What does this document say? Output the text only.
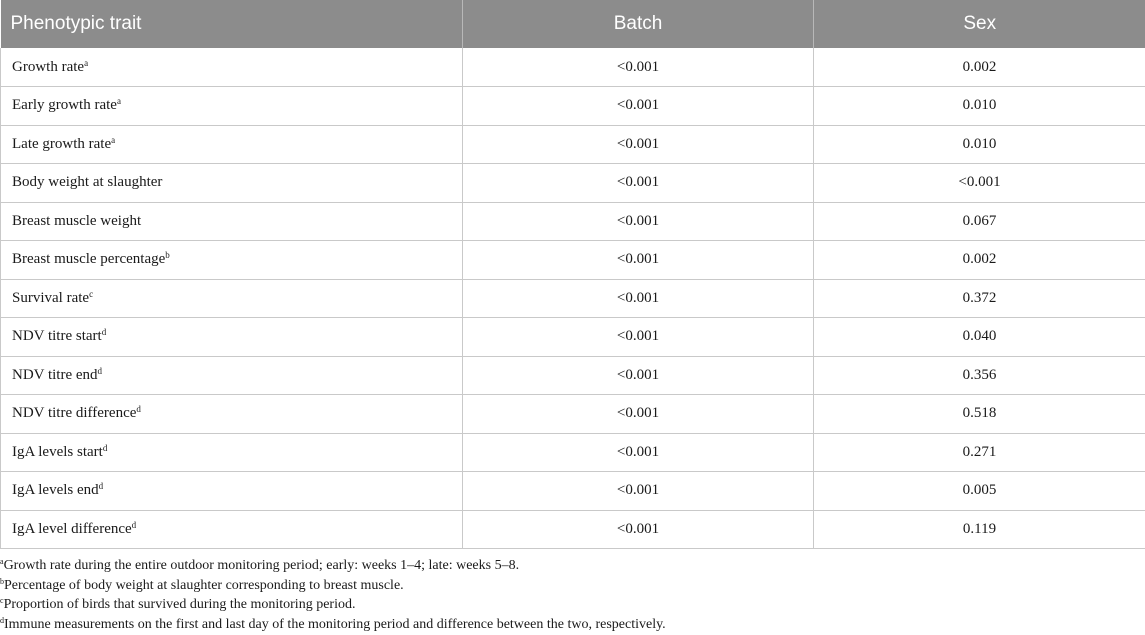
Phenotypic trait	Batch	Sex
Growth rate$^a$	<0.001	0.002
Early growth rate$^a$	<0.001	0.010
Late growth rate$^a$	<0.001	0.010
Body weight at slaughter	<0.001	<0.001
Breast muscle weight	<0.001	0.067
Breast muscle percentage$^b$	<0.001	0.002
Survival rate$^c$	<0.001	0.372
NDV titre start$^d$	<0.001	0.040
NDV titre end$^d$	<0.001	0.356
NDV titre difference$^d$	<0.001	0.518
IgA levels start$^d$	<0.001	0.271
IgA levels end$^d$	<0.001	0.005
IgA level difference$^d$	<0.001	0.119
$^a$Growth rate during the entire outdoor monitoring period; early: weeks 1–4; late: weeks 5–8.
$^b$Percentage of body weight at slaughter corresponding to breast muscle.
$^c$Proportion of birds that survived during the monitoring period.
$^d$Immune measurements on the first and last day of the monitoring period and difference between the two, respectively.
